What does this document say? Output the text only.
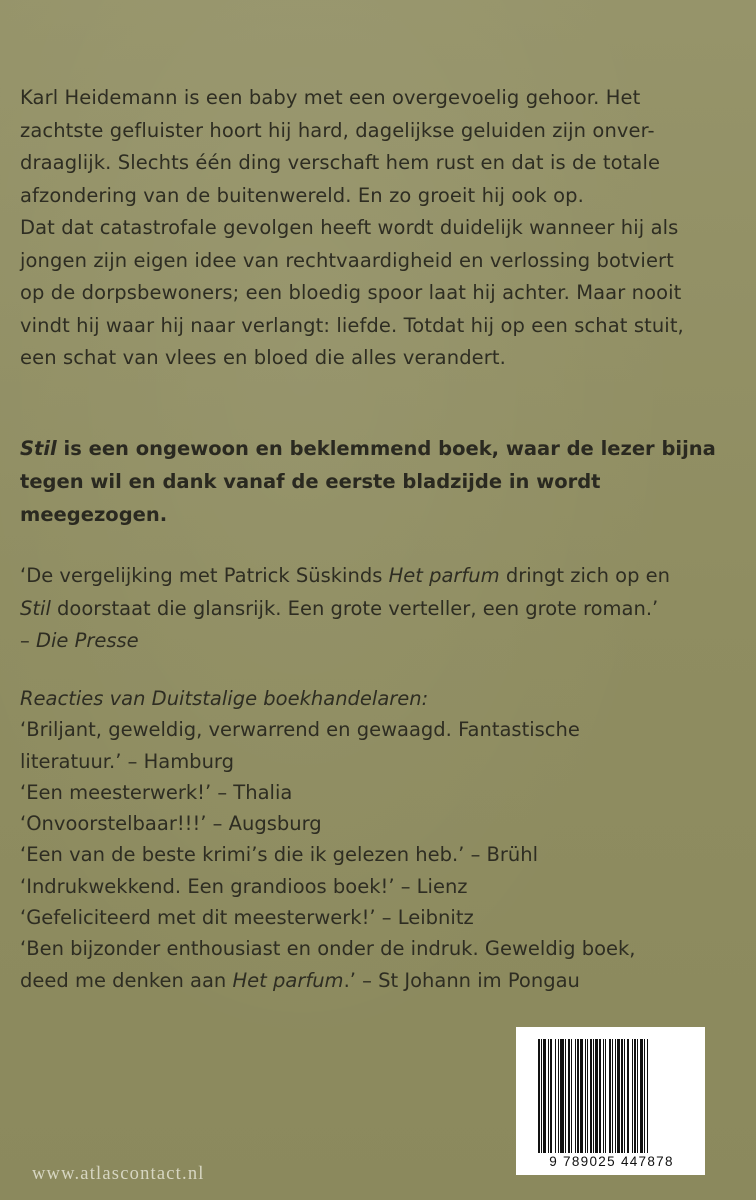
Karl Heidemann is een baby met een overgevoelig gehoor. Het

zachtste gefluister hoort hij hard, dagelijkse geluiden zijn onver-

draaglijk. Slechts één ding verschaft hem rust en dat is de totale

afzondering van de buitenwereld. En zo groeit hij ook op.

Dat dat catastrofale gevolgen heeft wordt duidelijk wanneer hij als

jongen zijn eigen idee van rechtvaardigheid en verlossing botviert

op de dorpsbewoners; een bloedig spoor laat hij achter. Maar nooit

vindt hij waar hij naar verlangt: liefde. Totdat hij op een schat stuit,

een schat van vlees en bloed die alles verandert.

Stil is een ongewoon en beklemmend boek, waar de lezer bijna

tegen wil en dank vanaf de eerste bladzijde in wordt meegezogen.

‘De vergelijking met Patrick Süskinds Het parfum dringt zich op en

Stil doorstaat die glansrijk. Een grote verteller, een grote roman.’

– Die Presse

Reacties van Duitstalige boekhandelaren:

‘Briljant, geweldig, verwarrend en gewaagd. Fantastische

literatuur.’ – Hamburg

‘Een meesterwerk!’ – Thalia

‘Onvoorstelbaar!!!’ – Augsburg

‘Een van de beste krimi’s die ik gelezen heb.’ – Brühl

‘Indrukwekkend. Een grandioos boek!’ – Lienz

‘Gefeliciteerd met dit meesterwerk!’ – Leibnitz

‘Ben bijzonder enthousiast en onder de indruk. Geweldig boek,

deed me denken aan Het parfum.’ – St Johann im Pongau

www.atlascontact.nl
9 789025 447878
